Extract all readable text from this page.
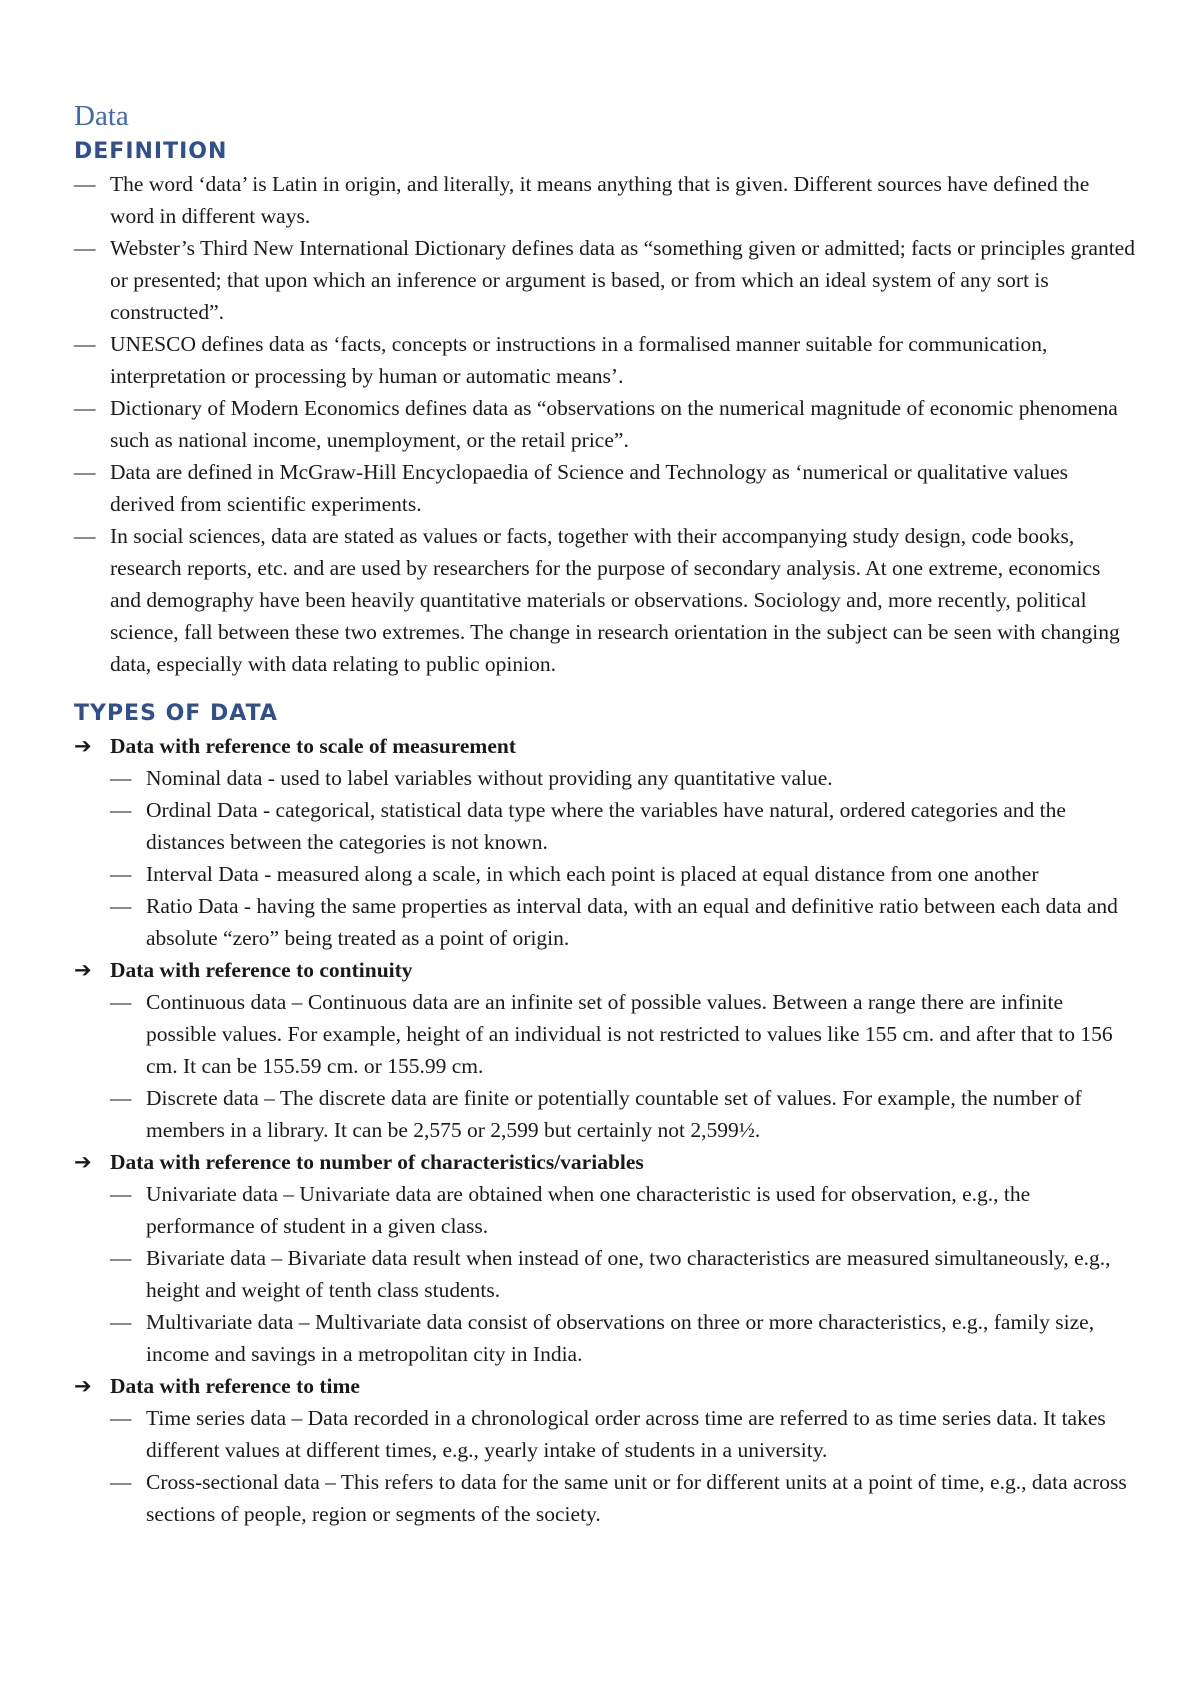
Data
DEFINITION
— The word ‘data’ is Latin in origin, and literally, it means anything that is given. Different sources have defined the word in different ways.
— Webster’s Third New International Dictionary defines data as “something given or admitted; facts or principles granted or presented; that upon which an inference or argument is based, or from which an ideal system of any sort is constructed”.
— UNESCO defines data as ‘facts, concepts or instructions in a formalised manner suitable for communication, interpretation or processing by human or automatic means’.
— Dictionary of Modern Economics defines data as “observations on the numerical magnitude of economic phenomena such as national income, unemployment, or the retail price”.
— Data are defined in McGraw-Hill Encyclopaedia of Science and Technology as ‘numerical or qualitative values derived from scientific experiments.
— In social sciences, data are stated as values or facts, together with their accompanying study design, code books, research reports, etc. and are used by researchers for the purpose of secondary analysis. At one extreme, economics and demography have been heavily quantitative materials or observations. Sociology and, more recently, political science, fall between these two extremes. The change in research orientation in the subject can be seen with changing data, especially with data relating to public opinion.
TYPES OF DATA
➔ Data with reference to scale of measurement
— Nominal data - used to label variables without providing any quantitative value.
— Ordinal Data - categorical, statistical data type where the variables have natural, ordered categories and the distances between the categories is not known.
— Interval Data - measured along a scale, in which each point is placed at equal distance from one another
— Ratio Data - having the same properties as interval data, with an equal and definitive ratio between each data and absolute “zero” being treated as a point of origin.
➔ Data with reference to continuity
— Continuous data – Continuous data are an infinite set of possible values. Between a range there are infinite possible values. For example, height of an individual is not restricted to values like 155 cm. and after that to 156 cm. It can be 155.59 cm. or 155.99 cm.
— Discrete data – The discrete data are finite or potentially countable set of values. For example, the number of members in a library. It can be 2,575 or 2,599 but certainly not 2,599½.
➔ Data with reference to number of characteristics/variables
— Univariate data – Univariate data are obtained when one characteristic is used for observation, e.g., the performance of student in a given class.
— Bivariate data – Bivariate data result when instead of one, two characteristics are measured simultaneously, e.g., height and weight of tenth class students.
— Multivariate data – Multivariate data consist of observations on three or more characteristics, e.g., family size, income and savings in a metropolitan city in India.
➔ Data with reference to time
— Time series data – Data recorded in a chronological order across time are referred to as time series data. It takes different values at different times, e.g., yearly intake of students in a university.
— Cross-sectional data – This refers to data for the same unit or for different units at a point of time, e.g., data across sections of people, region or segments of the society.
